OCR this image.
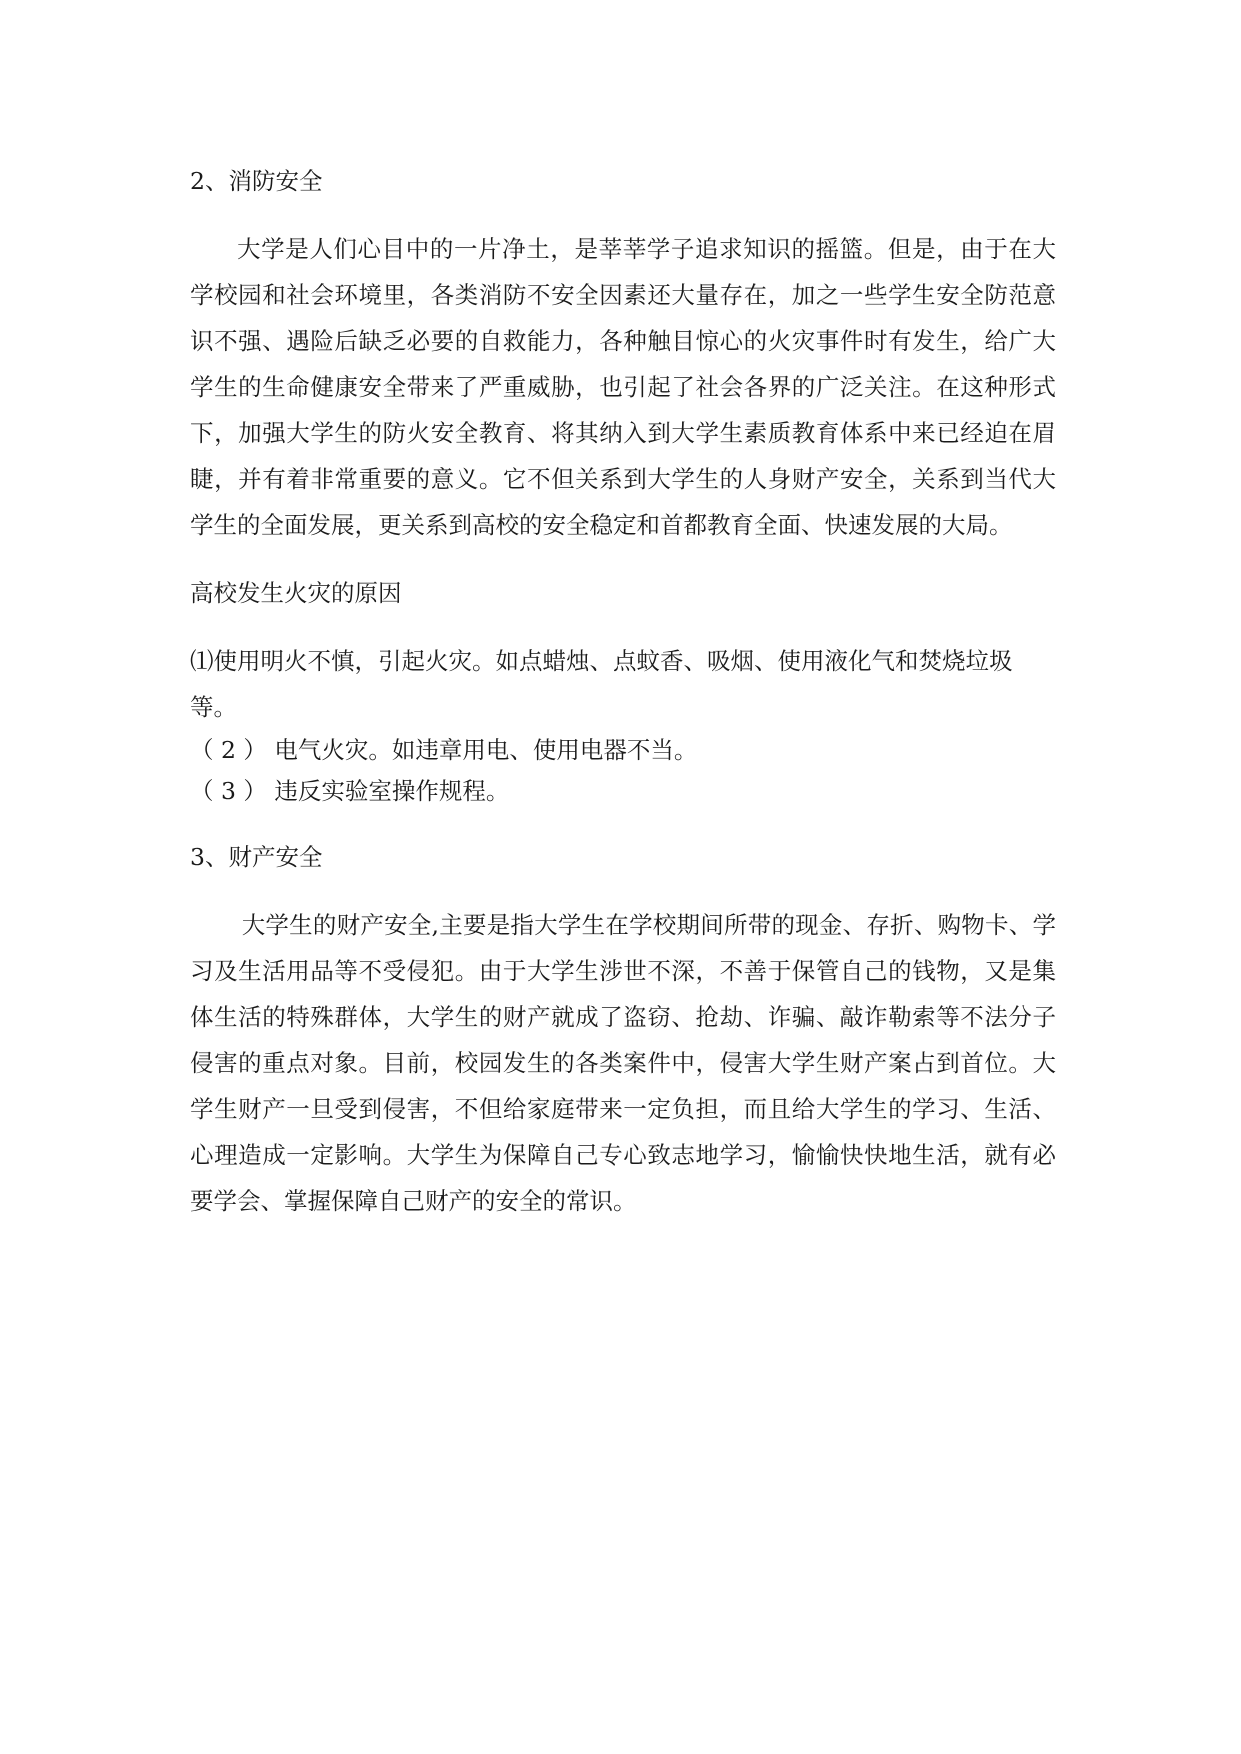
2、消防安全

大学是人们心目中的一片净土，是莘莘学子追求知识的摇篮。但是，由于在大学校园和社会环境里，各类消防不安全因素还大量存在，加之一些学生安全防范意识不强、遇险后缺乏必要的自救能力，各种触目惊心的火灾事件时有发生，给广大学生的生命健康安全带来了严重威胁，也引起了社会各界的广泛关注。在这种形式下，加强大学生的防火安全教育、将其纳入到大学生素质教育体系中来已经迫在眉睫，并有着非常重要的意义。它不但关系到大学生的人身财产安全，关系到当代大学生的全面发展，更关系到高校的安全稳定和首都教育全面、快速发展的大局。

高校发生火灾的原因

⑴使用明火不慎，引起火灾。如点蜡烛、点蚊香、吸烟、使用液化气和焚烧垃圾等。

（ 2 ） 电气火灾。如违章用电、使用电器不当。

（ 3 ） 违反实验室操作规程。

3、财产安全

大学生的财产安全,主要是指大学生在学校期间所带的现金、存折、购物卡、学习及生活用品等不受侵犯。由于大学生涉世不深，不善于保管自己的钱物，又是集体生活的特殊群体，大学生的财产就成了盗窃、抢劫、诈骗、敲诈勒索等不法分子侵害的重点对象。目前，校园发生的各类案件中，侵害大学生财产案占到首位。大学生财产一旦受到侵害，不但给家庭带来一定负担，而且给大学生的学习、生活、心理造成一定影响。大学生为保障自己专心致志地学习，愉愉快快地生活，就有必要学会、掌握保障自己财产的安全的常识。
